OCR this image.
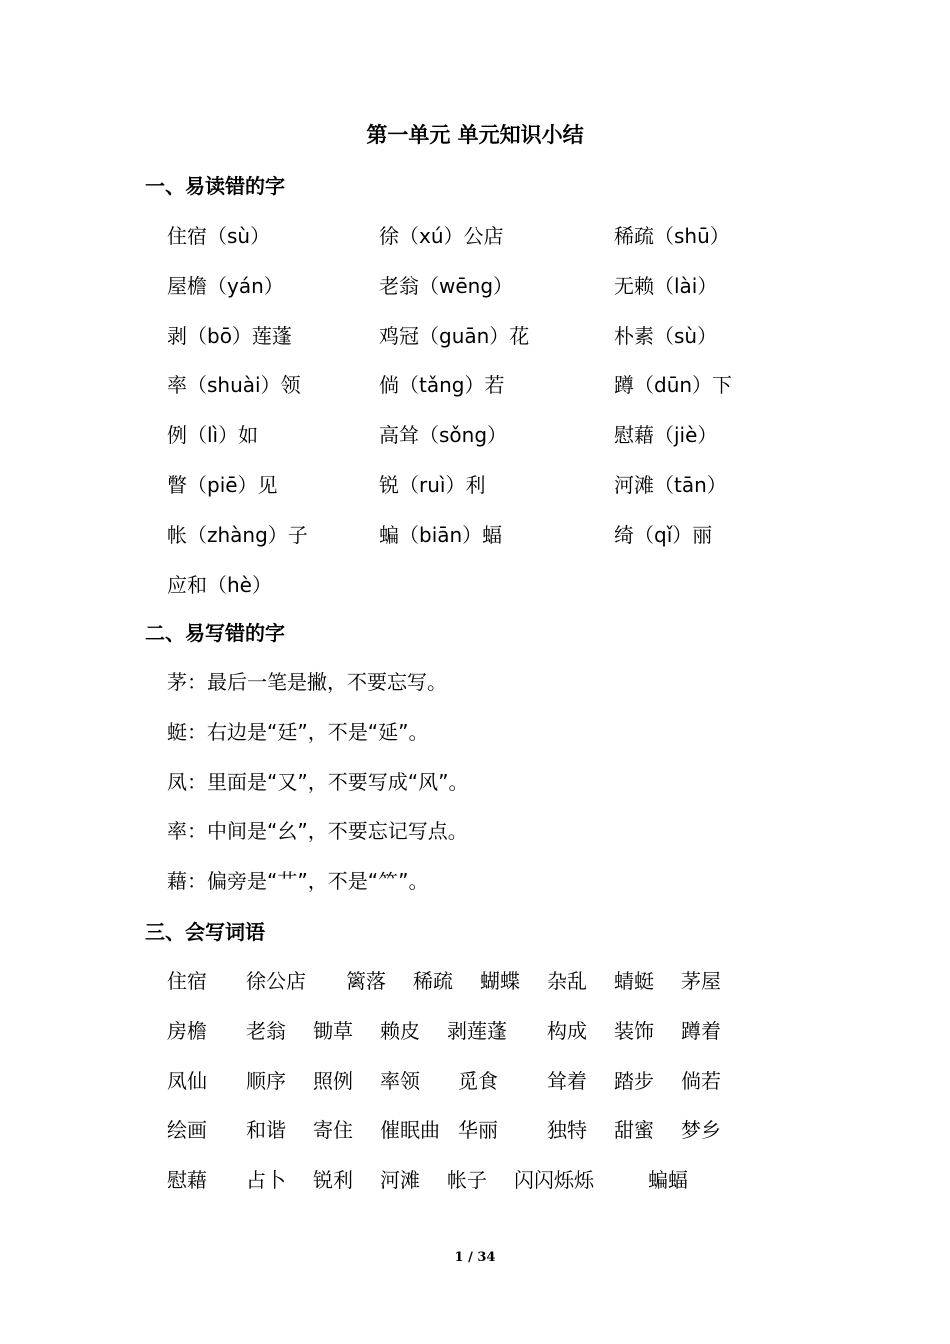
第一单元 单元知识小结
一、易读错的字
住宿（sù）	徐（xú）公店	稀疏（shū）
屋檐（yán）	老翁（wēng）	无赖（lài）
剥（bō）莲蓬	鸡冠（guān）花	朴素（sù）
率（shuài）领	倘（tǎng）若	蹲（dūn）下
例（lì）如	高耸（sǒng）	慰藉（jiè）
瞥（piē）见	锐（ruì）利	河滩（tān）
帐（zhàng）子	蝙（biān）蝠	绮（qǐ）丽
应和（hè）
二、易写错的字
茅：最后一笔是撇，不要忘写。
蜓：右边是“廷”，不是“延”。
凤：里面是“又”，不要写成“风”。
率：中间是“幺”，不要忘记写点。
藉：偏旁是“艹”，不是“⺮”。
三、会写词语
住宿 徐公店 篱落 稀疏 蝴蝶 杂乱 蜻蜓 茅屋
房檐 老翁 锄草 赖皮 剥莲蓬 构成 装饰 蹲着
凤仙 顺序 照例 率领 觅食 耸着 踏步 倘若
绘画 和谐 寄住 催眠曲 华丽 独特 甜蜜 梦乡
慰藉 占卜 锐利 河滩 帐子 闪闪烁烁	蝙蝠
1 / 34
